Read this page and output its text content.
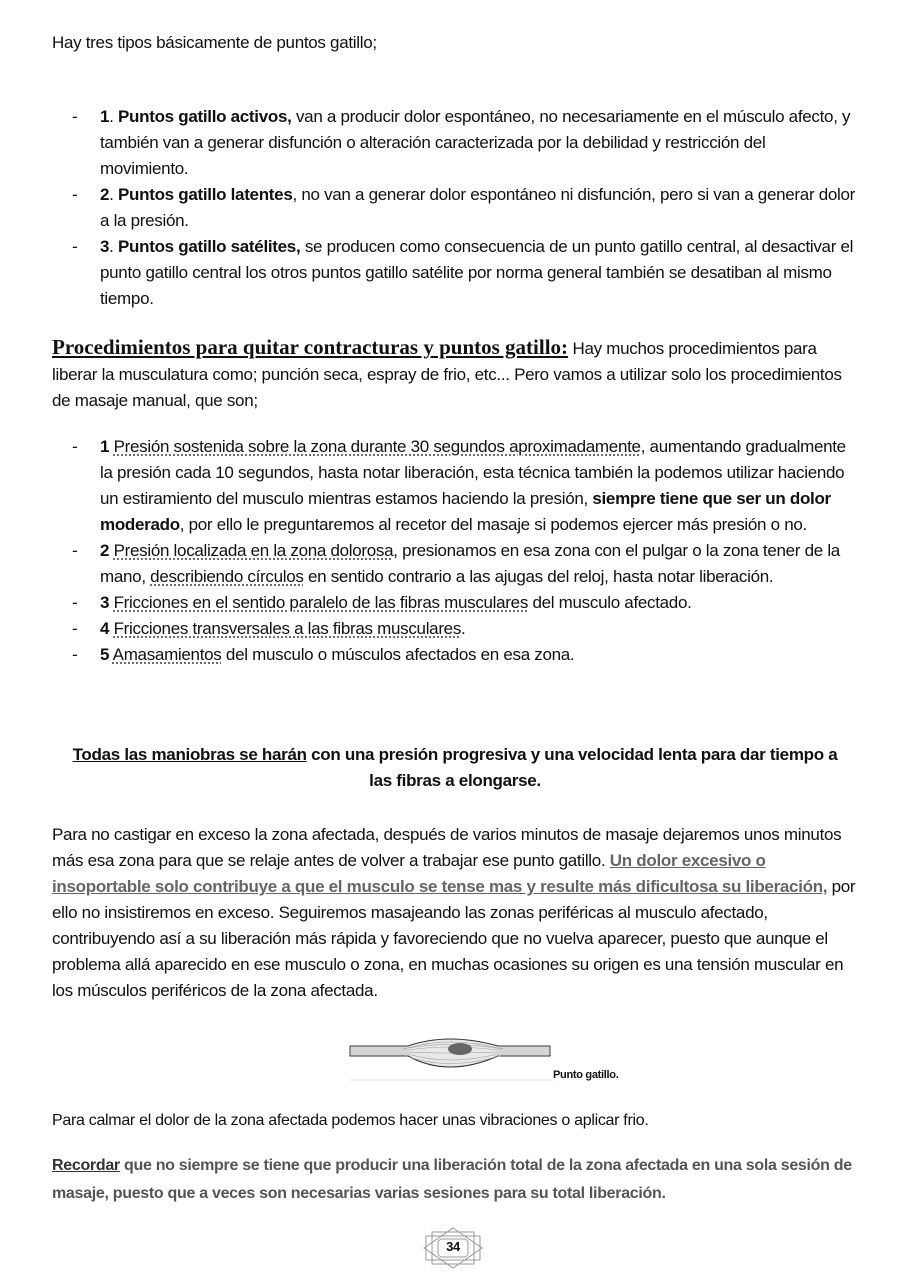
Hay tres tipos básicamente de puntos gatillo;
- 1. Puntos gatillo activos, van a producir dolor espontáneo, no necesariamente en el músculo afecto, y también van a generar disfunción o alteración caracterizada por la debilidad y restricción del movimiento.
- 2. Puntos gatillo latentes, no van a generar dolor espontáneo ni disfunción, pero si van a generar dolor a la presión.
- 3. Puntos gatillo satélites, se producen como consecuencia de un punto gatillo central, al desactivar el punto gatillo central los otros puntos gatillo satélite por norma general también se desatiban al mismo tiempo.
Procedimientos para quitar contracturas y puntos gatillo: Hay muchos procedimientos para liberar la musculatura como; punción seca, espray de frio, etc... Pero vamos a utilizar solo los procedimientos de masaje manual, que son;
- 1 Presión sostenida sobre la zona durante 30 segundos aproximadamente, aumentando gradualmente la presión cada 10 segundos, hasta notar liberación, esta técnica también la podemos utilizar haciendo un estiramiento del musculo mientras estamos haciendo la presión, siempre tiene que ser un dolor moderado, por ello le preguntaremos al recetor del masaje si podemos ejercer más presión o no.
- 2 Presión localizada en la zona dolorosa, presionamos en esa zona con el pulgar o la zona tener de la mano, describiendo círculos en sentido contrario a las ajugas del reloj, hasta notar liberación.
- 3 Fricciones en el sentido paralelo de las fibras musculares del musculo afectado.
- 4 Fricciones transversales a las fibras musculares.
- 5 Amasamientos del musculo o músculos afectados en esa zona.
Todas las maniobras se harán con una presión progresiva y una velocidad lenta para dar tiempo a las fibras a elongarse.
Para no castigar en exceso la zona afectada, después de varios minutos de masaje dejaremos unos minutos más esa zona para que se relaje antes de volver a trabajar ese punto gatillo. Un dolor excesivo o insoportable solo contribuye a que el musculo se tense mas y resulte más dificultosa su liberación, por ello no insistiremos en exceso. Seguiremos masajeando las zonas periféricas al musculo afectado, contribuyendo así a su liberación más rápida y favoreciendo que no vuelva aparecer, puesto que aunque el problema allá aparecido en ese musculo o zona, en muchas ocasiones su origen es una tensión muscular en los músculos periféricos de la zona afectada.
Punto gatillo.
Para calmar el dolor de la zona afectada podemos hacer unas vibraciones o aplicar frio.
Recordar que no siempre se tiene que producir una liberación total de la zona afectada en una sola sesión de masaje, puesto que a veces son necesarias varias sesiones para su total liberación.
34
